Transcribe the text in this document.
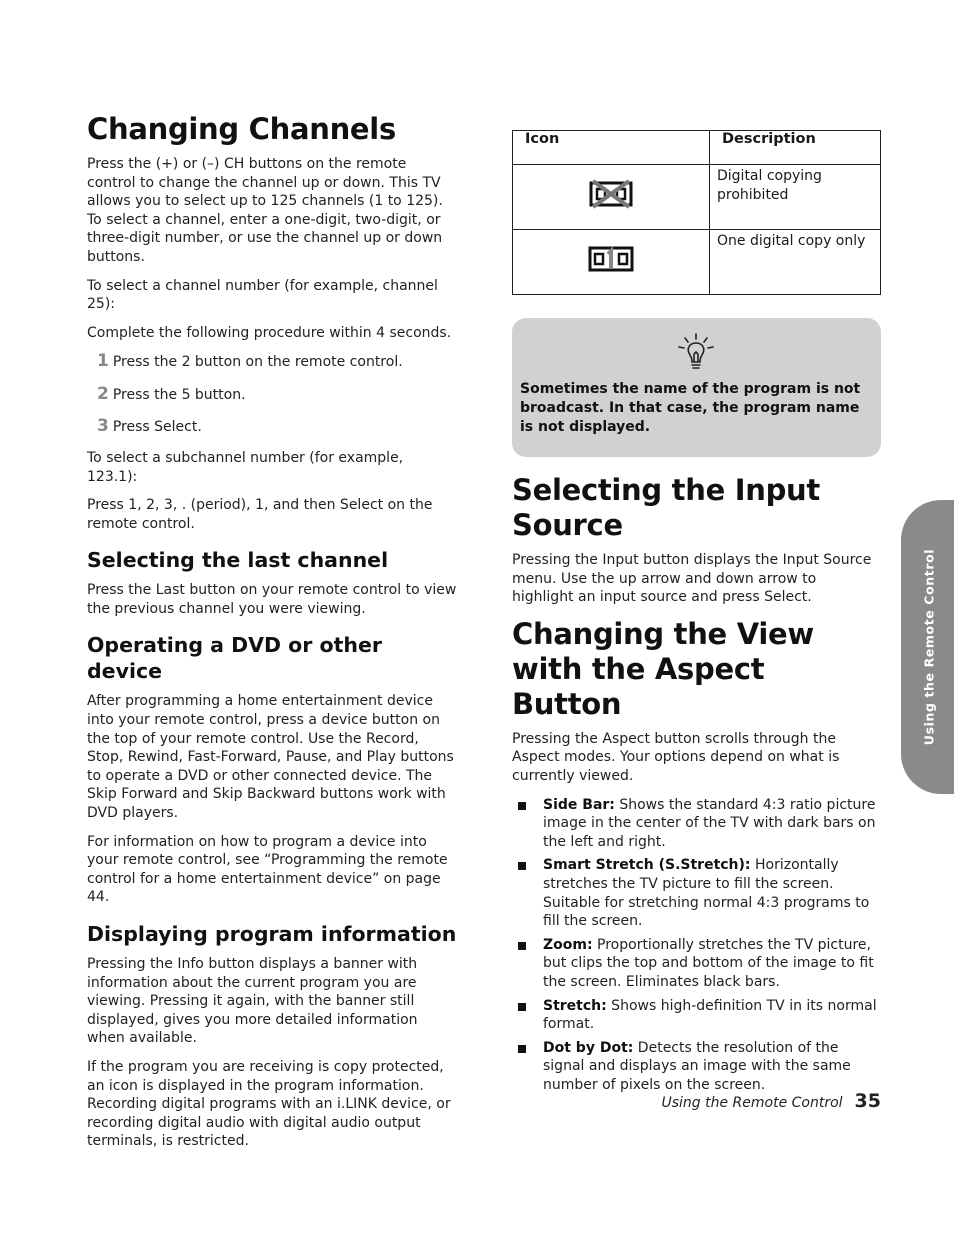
Changing Channels

Press the (+) or (–) CH buttons on the remote control to change the channel up or down. This TV allows you to select up to 125 channels (1 to 125). To select a channel, enter a one-digit, two-digit, or three-digit number, or use the channel up or down buttons.

To select a channel number (for example, channel 25):

Complete the following procedure within 4 seconds.

1 Press the 2 button on the remote control.
2 Press the 5 button.
3 Press Select.

To select a subchannel number (for example, 123.1):

Press 1, 2, 3, . (period), 1, and then Select on the remote control.

Selecting the last channel

Press the Last button on your remote control to view the previous channel you were viewing.

Operating a DVD or other device

After programming a home entertainment device into your remote control, press a device button on the top of your remote control. Use the Record, Stop, Rewind, Fast-Forward, Pause, and Play buttons to operate a DVD or other connected device. The Skip Forward and Skip Backward buttons work with DVD players.

For information on how to program a device into your remote control, see “Programming the remote control for a home entertainment device” on page 44.

Displaying program information

Pressing the Info button displays a banner with information about the current program you are viewing. Pressing it again, with the banner still displayed, gives you more detailed information when available.

If the program you are receiving is copy protected, an icon is displayed in the program information. Recording digital programs with an i.LINK device, or recording digital audio with digital audio output terminals, is restricted.

Icon	Description
	Digital copying prohibited
	One digital copy only
Sometimes the name of the program is not broadcast. In that case, the program name is not displayed.
Selecting the Input Source

Pressing the Input button displays the Input Source menu. Use the up arrow and down arrow to highlight an input source and press Select.

Changing the View with the Aspect Button

Pressing the Aspect button scrolls through the Aspect modes. Your options depend on what is currently viewed.

Side Bar: Shows the standard 4:3 ratio picture image in the center of the TV with dark bars on the left and right.
Smart Stretch (S.Stretch): Horizontally stretches the TV picture to fill the screen. Suitable for stretching normal 4:3 programs to fill the screen.
Zoom: Proportionally stretches the TV picture, but clips the top and bottom of the image to fit the screen. Eliminates black bars.
Stretch: Shows high-definition TV in its normal format.
Dot by Dot: Detects the resolution of the signal and displays an image with the same number of pixels on the screen.
Using the Remote Control
Using the Remote Control 35
